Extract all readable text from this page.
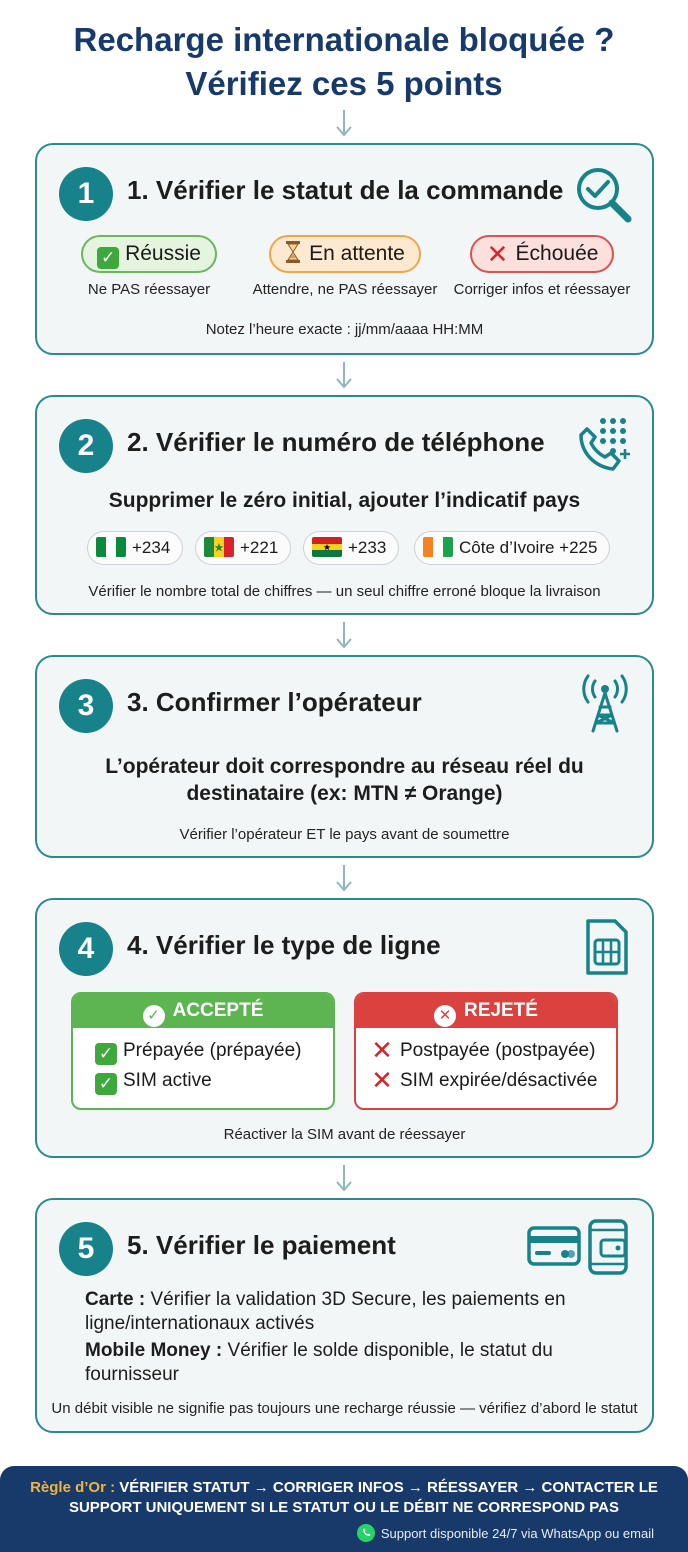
Recharge internationale bloquée ?
Vérifiez ces 5 points
1	1. Vérifier le statut de la commande
✓ Réussie
Ne PAS réessayer
En attente
Attendre, ne PAS réessayer
✕ Échouée
Corriger infos et réessayer
Notez l’heure exacte : jj/mm/aaaa HH:MM
2	2. Vérifier le numéro de téléphone
Supprimer le zéro initial, ajouter l’indicatif pays
+234	+221	+233	Côte d’Ivoire +225
Vérifier le nombre total de chiffres — un seul chiffre erroné bloque la livraison
3	3. Confirmer l’opérateur
L’opérateur doit correspondre au réseau réel du
destinataire (ex: MTN ≠ Orange)
Vérifier l’opérateur ET le pays avant de soumettre
4	4. Vérifier le type de ligne
✓ ACCEPTÉ
✓ Prépayée (prépayée)
✓ SIM active
✕ REJETÉ
✕ Postpayée (postpayée)
✕ SIM expirée/désactivée
Réactiver la SIM avant de réessayer
5	5. Vérifier le paiement
Carte : Vérifier la validation 3D Secure, les paiements en ligne/internationaux activés
Mobile Money : Vérifier le solde disponible, le statut du fournisseur
Un débit visible ne signifie pas toujours une recharge réussie — vérifiez d’abord le statut
Règle d’Or : VÉRIFIER STATUT → CORRIGER INFOS → RÉESSAYER → CONTACTER LE
SUPPORT UNIQUEMENT SI LE STATUT OU LE DÉBIT NE CORRESPOND PAS
Support disponible 24/7 via WhatsApp ou email
